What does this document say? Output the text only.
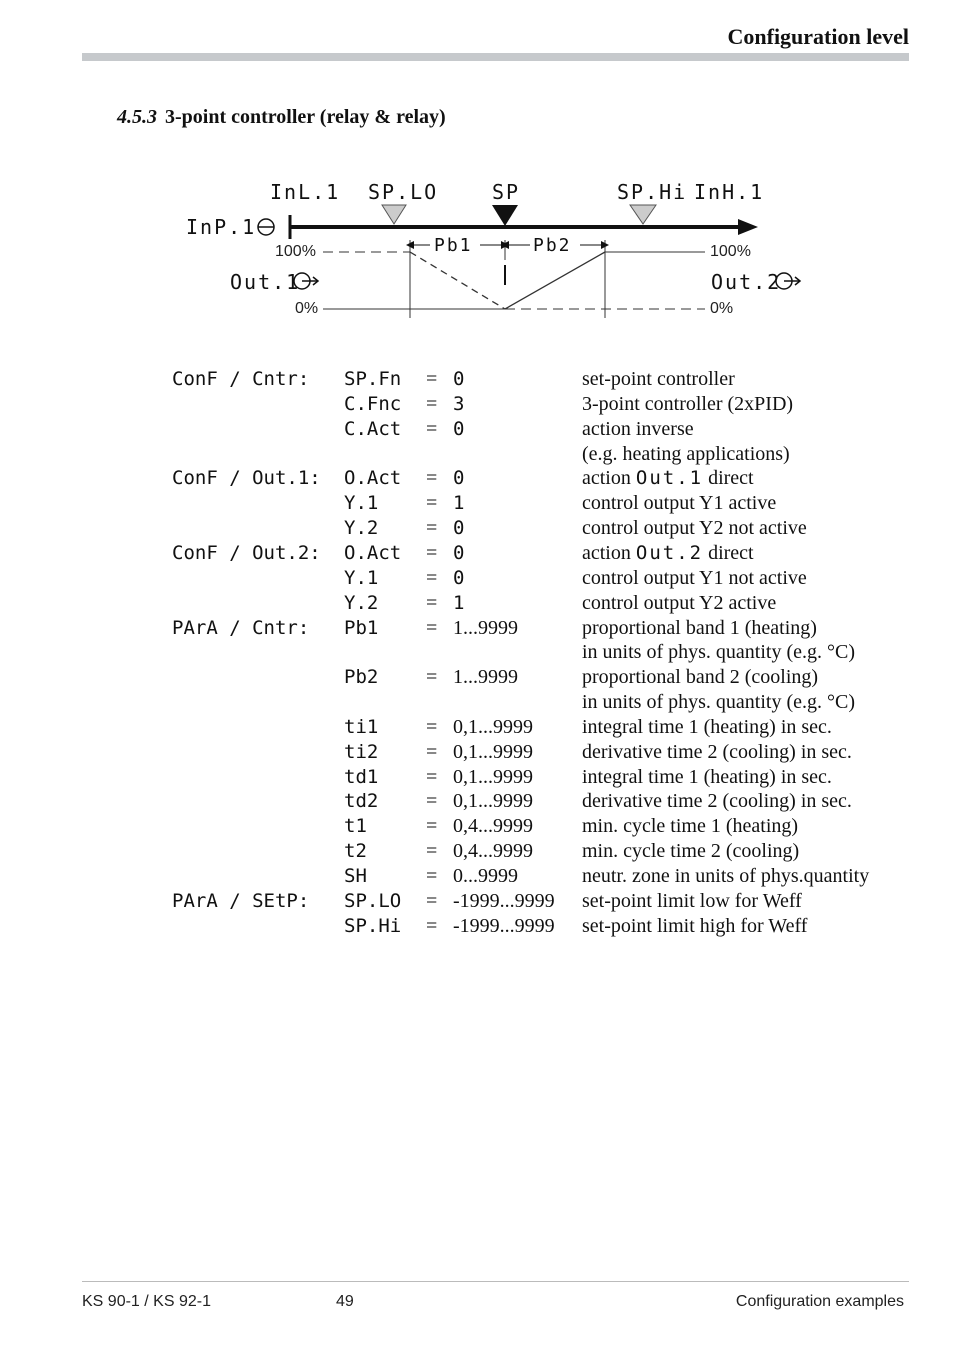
Configuration level
4.5.3 3-point controller (relay & relay)
InL.1 SP.LO	SP	SP.Hi InH.1
InP.1
Pb1	Pb2
Out.1	Out.2
100%
0%
100%
0%
ConF / Cntr: SP.Fn = 0	set-point controller
C.Fnc = 3	3-point controller (2xPID)
C.Act = 0	action inverse
(e.g. heating applications)
ConF / Out.1: O.Act = 0	action Out.1 direct
Y.1 = 1	control output Y1 active
Y.2 = 0	control output Y2 not active
ConF / Out.2: O.Act = 0	action Out.2 direct
Y.1 = 0	control output Y1 not active
Y.2 = 1	control output Y2 active
PArA / Cntr: Pb1 = 1...9999	proportional band 1 (heating)
in units of phys. quantity (e.g. °C)
Pb2 = 1...9999	proportional band 2 (cooling)
in units of phys. quantity (e.g. °C)
ti1 = 0,1...9999 integral time 1 (heating) in sec.
ti2 = 0,1...9999 derivative time 2 (cooling) in sec.
td1 = 0,1...9999 integral time 1 (heating) in sec.
td2 = 0,1...9999 derivative time 2 (cooling) in sec.
t1	= 0,4...9999 min. cycle time 1 (heating)
t2	= 0,4...9999 min. cycle time 2 (cooling)
SH	= 0...9999	neutr. zone in units of phys.quantity
PArA / SEtP: SP.LO = -1999...9999 set-point limit low for Weff
SP.Hi = -1999...9999 set-point limit high for Weff
KS 90-1 / KS 92-1	49	Configuration examples
